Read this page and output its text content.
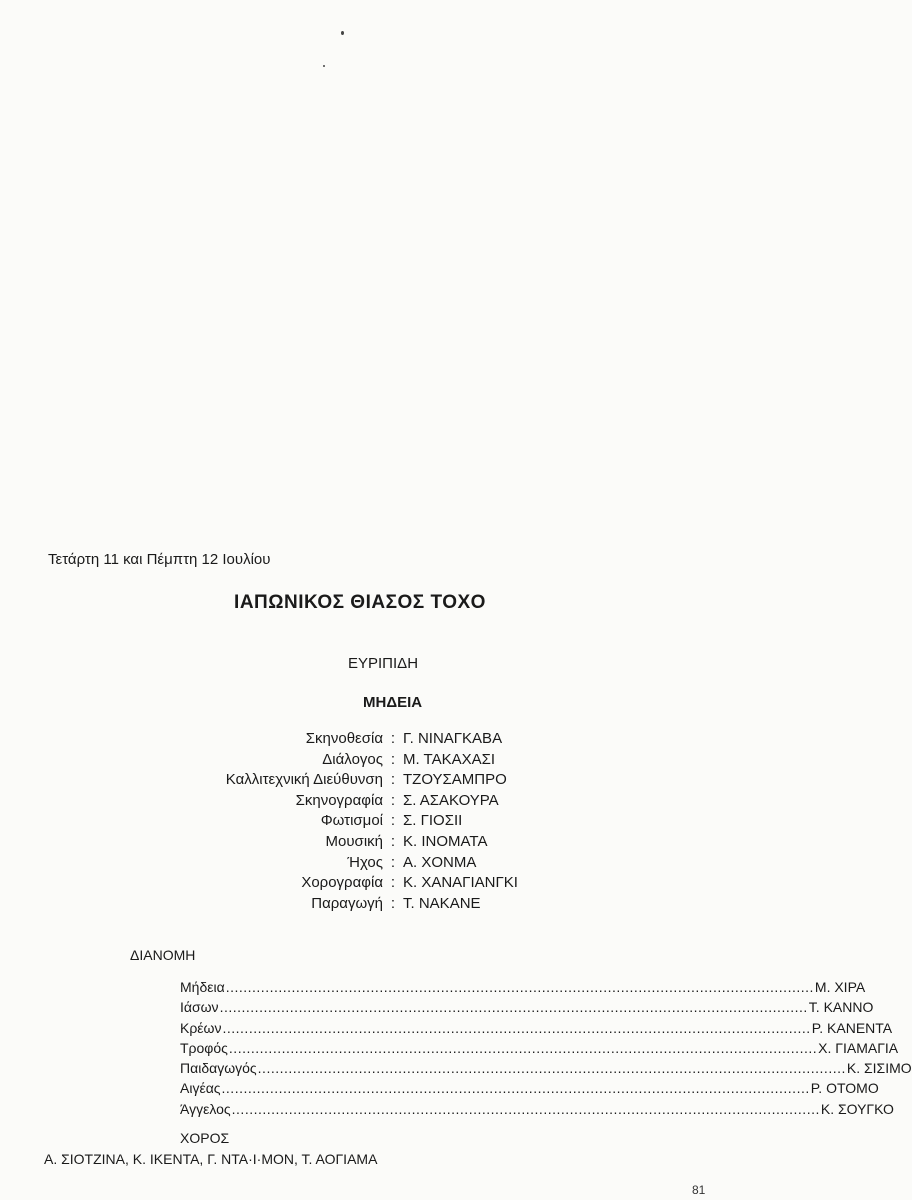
Τετάρτη 11 και Πέμπτη 12 Ιουλίου
ΙΑΠΩΝΙΚΟΣ ΘΙΑΣΟΣ ΤΟΧΟ
ΕΥΡΙΠΙΔΗ
ΜΗΔΕΙΑ
Σκηνοθεσία : Γ. ΝΙΝΑΓΚΑΒΑ
Διάλογος : Μ. ΤΑΚΑΧΑΣΙ
Καλλιτεχνική Διεύθυνση : ΤΖΟΥΣΑΜΠΡΟ
Σκηνογραφία : Σ. ΑΣΑΚΟΥΡΑ
Φωτισμοί : Σ. ΓΙΟΣΙΙ
Μουσική : Κ. ΙΝΟΜΑΤΑ
Ήχος : Α. ΧΟΝΜΑ
Χορογραφία : Κ. ΧΑΝΑΓΙΑΝΓΚΙ
Παραγωγή : Τ. ΝΑΚΑΝΕ
ΔΙΑΝΟΜΗ
Μήδεια ...................................................................................................................................... Μ. ΧΙΡΑ
Ιάσων ...................................................................................................................................... Τ. ΚΑΝΝΟ
Κρέων ...................................................................................................................................... Ρ. ΚΑΝΕΝΤΑ
Τροφός ...................................................................................................................................... Χ. ΓΙΑΜΑΓΙΑ
Παιδαγωγός ...................................................................................................................................... Κ. ΣΙΣΙΜΟ
Αιγέας ...................................................................................................................................... Ρ. ΟΤΟΜΟ
Άγγελος ...................................................................................................................................... Κ. ΣΟΥΓΚΟ
ΧΟΡΟΣ
Α. ΣΙΟΤΖΙΝΑ, Κ. ΙΚΕΝΤΑ, Γ. ΝΤΑ·Ι·ΜΟΝ, Τ. ΑΟΓΙΑΜΑ
81
